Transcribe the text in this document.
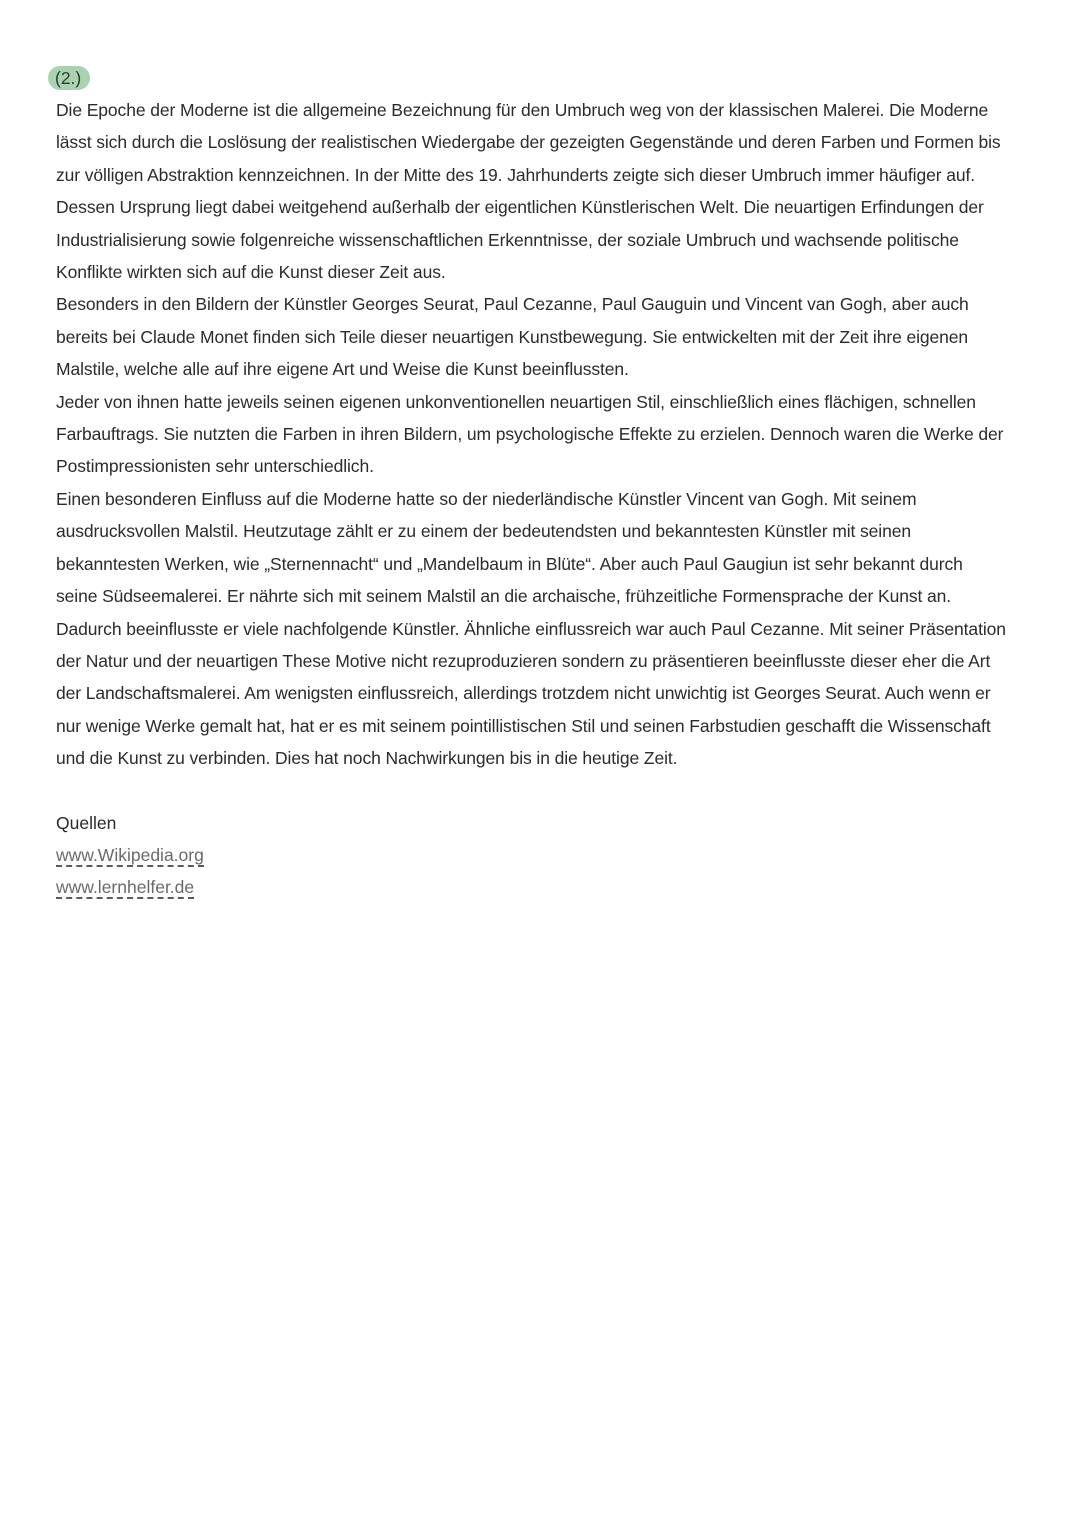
(2.)

Die Epoche der Moderne ist die allgemeine Bezeichnung für den Umbruch weg von der klassischen Malerei. Die Moderne lässt sich durch die Loslösung der realistischen Wiedergabe der gezeigten Gegenstände und deren Farben und Formen bis zur völligen Abstraktion kennzeichnen. In der Mitte des 19. Jahrhunderts zeigte sich dieser Umbruch immer häufiger auf. Dessen Ursprung liegt dabei weitgehend außerhalb der eigentlichen Künstlerischen Welt. Die neuartigen Erfindungen der Industrialisierung sowie folgenreiche wissenschaftlichen Erkenntnisse, der soziale Umbruch und wachsende politische Konflikte wirkten sich auf die Kunst dieser Zeit aus.

Besonders in den Bildern der Künstler Georges Seurat, Paul Cezanne, Paul Gauguin und Vincent van Gogh, aber auch bereits bei Claude Monet finden sich Teile dieser neuartigen Kunstbewegung. Sie entwickelten mit der Zeit ihre eigenen Malstile, welche alle auf ihre eigene Art und Weise die Kunst beeinflussten.

Jeder von ihnen hatte jeweils seinen eigenen unkonventionellen neuartigen Stil, einschließlich eines flächigen, schnellen Farbauftrags. Sie nutzten die Farben in ihren Bildern, um psychologische Effekte zu erzielen. Dennoch waren die Werke der Postimpressionisten sehr unterschiedlich.

Einen besonderen Einfluss auf die Moderne hatte so der niederländische Künstler Vincent van Gogh. Mit seinem ausdrucksvollen Malstil. Heutzutage zählt er zu einem der bedeutendsten und bekanntesten Künstler mit seinen bekanntesten Werken, wie „Sternennacht“ und „Mandelbaum in Blüte“. Aber auch Paul Gaugiun ist sehr bekannt durch seine Südseemalerei. Er nährte sich mit seinem Malstil an die archaische, frühzeitliche Formensprache der Kunst an. Dadurch beeinflusste er viele nachfolgende Künstler. Ähnliche einflussreich war auch Paul Cezanne. Mit seiner Präsentation der Natur und der neuartigen These Motive nicht rezuproduzieren sondern zu präsentieren beeinflusste dieser eher die Art der Landschaftsmalerei. Am wenigsten einflussreich, allerdings trotzdem nicht unwichtig ist Georges Seurat. Auch wenn er nur wenige Werke gemalt hat, hat er es mit seinem pointillistischen Stil und seinen Farbstudien geschafft die Wissenschaft und die Kunst zu verbinden. Dies hat noch Nachwirkungen bis in die heutige Zeit.

Quellen

www.Wikipedia.org
www.lernhelfer.de
